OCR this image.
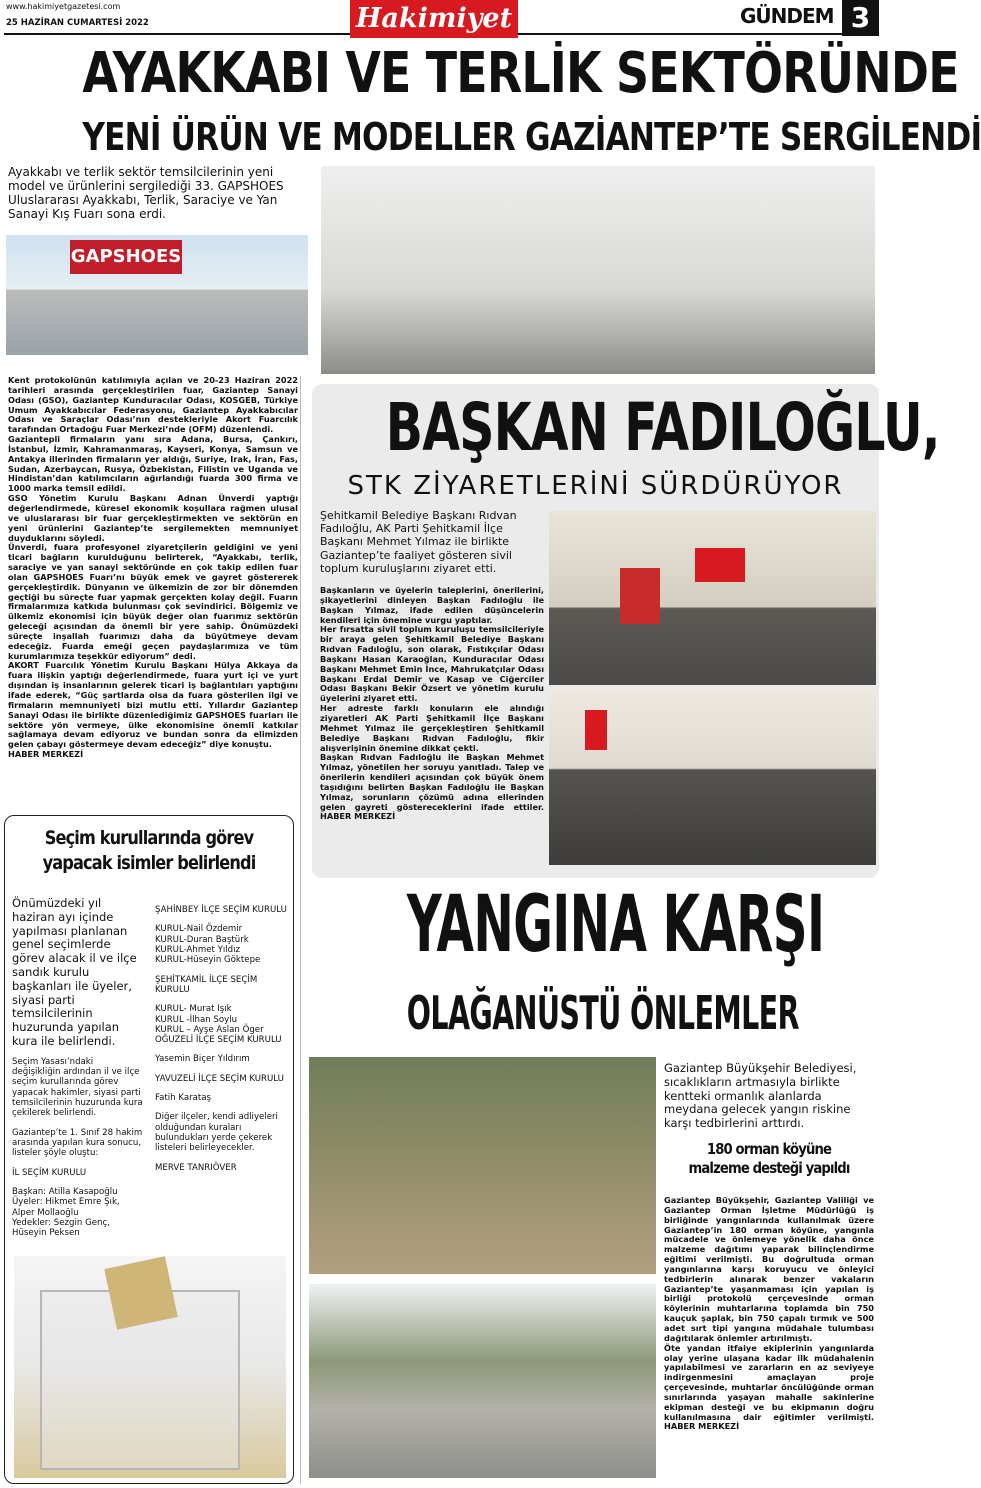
www.hakimiyetgazetesi.com
25 HAZİRAN CUMARTESİ 2022	Hakimiyet	GÜNDEM 3
AYAKKABI VE TERLİK SEKTÖRÜNDE
YENİ ÜRÜN VE MODELLER GAZİANTEP’TE SERGİLENDİ
Ayakkabı ve terlik sektör temsilcilerinin yeni model ve ürünlerini sergilediği 33. GAPSHOES Uluslararası Ayakkabı, Terlik, Saraciye ve Yan Sanayi Kış Fuarı sona erdi.
GAPSHOES

Kent protokolünün katılımıyla açılan ve 20-23 Haziran 2022 tarihleri arasında gerçekleştirilen fuar, Gaziantep Sanayi Odası (GSO), Gaziantep Kunduracılar Odası, KOSGEB, Türkiye Umum Ayakkabıcılar Federasyonu, Gaziantep Ayakkabıcılar Odası ve Saraçlar Odası’nın destekleriyle Akort Fuarcılık tarafından Ortadoğu Fuar Merkezi’nde (OFM) düzenlendi.

Gaziantepli firmaların yanı sıra Adana, Bursa, Çankırı, İstanbul, İzmir, Kahramanmaraş, Kayseri, Konya, Samsun ve Antakya illerinden firmaların yer aldığı, Suriye, Irak, İran, Fas, Sudan, Azerbaycan, Rusya, Özbekistan, Filistin ve Uganda ve Hindistan’dan katılımcıların ağırlandığı fuarda 300 firma ve 1000 marka temsil edildi.

GSO Yönetim Kurulu Başkanı Adnan Ünverdi yaptığı değerlendirmede, küresel ekonomik koşullara rağmen ulusal ve uluslararası bir fuar gerçekleştirmekten ve sektörün en yeni ürünlerini Gaziantep’te sergilemekten memnuniyet duyduklarını söyledi.

Ünverdi, fuara profesyonel ziyaretçilerin geldiğini ve yeni ticari bağların kurulduğunu belirterek, “Ayakkabı, terlik, saraciye ve yan sanayi sektöründe en çok takip edilen fuar olan GAPSHOES Fuarı’nı büyük emek ve gayret göstererek gerçekleştirdik. Dünyanın ve ülkemizin de zor bir dönemden geçtiği bu süreçte fuar yapmak gerçekten kolay değil. Fuarın firmalarımıza katkıda bulunması çok sevindirici. Bölgemiz ve ülkemiz ekonomisi için büyük değer olan fuarımız sektörün geleceği açısından da önemli bir yere sahip. Önümüzdeki süreçte inşallah fuarımızı daha da büyütmeye devam edeceğiz. Fuarda emeği geçen paydaşlarımıza ve tüm kurumlarımıza teşekkür ediyorum” dedi.

AKORT Fuarcılık Yönetim Kurulu Başkanı Hülya Akkaya da fuara ilişkin yaptığı değerlendirmede, fuara yurt içi ve yurt dışından iş insanlarının gelerek ticari iş bağlantıları yaptığını ifade ederek, “Güç şartlarda olsa da fuara gösterilen ilgi ve firmaların memnuniyeti bizi mutlu etti. Yıllardır Gaziantep Sanayi Odası ile birlikte düzenlediğimiz GAPSHOES fuarları ile sektöre yön vermeye, ülke ekonomisine önemli katkılar sağlamaya devam ediyoruz ve bundan sonra da elimizden gelen çabayı göstermeye devam edeceğiz” diye konuştu.

HABER MERKEZİ

BAŞKAN FADILOĞLU,
STK ZİYARETLERİNİ SÜRDÜRÜYOR
Şehitkamil Belediye Başkanı Rıdvan Fadıloğlu, AK Parti Şehitkamil İlçe Başkanı Mehmet Yılmaz ile birlikte Gaziantep’te faaliyet gösteren sivil toplum kuruluşlarını ziyaret etti.

Başkanların ve üyelerin taleplerini, önerilerini, şikayetlerini dinleyen Başkan Fadıloğlu ile Başkan Yılmaz, ifade edilen düşüncelerin kendileri için önemine vurgu yaptılar.

Her fırsatta sivil toplum kuruluşu temsilcileriyle bir araya gelen Şehitkamil Belediye Başkanı Rıdvan Fadıloğlu, son olarak, Fıstıkçılar Odası Başkanı Hasan Karaoğlan, Kunduracılar Odası Başkanı Mehmet Emin İnce, Mahrukatçılar Odası Başkanı Erdal Demir ve Kasap ve Ciğerciler Odası Başkanı Bekir Özsert ve yönetim kurulu üyelerini ziyaret etti.

Her adreste farklı konuların ele alındığı ziyaretleri AK Parti Şehitkamil İlçe Başkanı Mehmet Yılmaz ile gerçekleştiren Şehitkamil Belediye Başkanı Rıdvan Fadıloğlu, fikir alışverişinin önemine dikkat çekti.

Başkan Rıdvan Fadıloğlu ile Başkan Mehmet Yılmaz, yönetilen her soruyu yanıtladı. Talep ve önerilerin kendileri açısından çok büyük önem taşıdığını belirten Başkan Fadıloğlu ile Başkan Yılmaz, sorunların çözümü adına ellerinden gelen gayreti göstereceklerini ifade ettiler. HABER MERKEZİ

Seçim kurullarında görev yapacak isimler belirlendi
Önümüzdeki yıl haziran ayı içinde yapılması planlanan genel seçimlerde görev alacak il ve ilçe sandık kurulu başkanları ile üyeler, siyasi parti temsilcilerinin huzurunda yapılan kura ile belirlendi.
Seçim Yasası’ndaki değişikliğin ardından il ve ilçe seçim kurullarında görev yapacak hakimler, siyasi parti temsilcilerinin huzurunda kura çekilerek belirlendi.
Gaziantep’te 1. Sınıf 28 hakim arasında yapılan kura sonucu, listeler şöyle oluştu:
İL SEÇİM KURULU
Başkan: Atilla Kasapoğlu
Üyeler: Hikmet Emre Şık, Alper Mollaoğlu
Yedekler: Sezgin Genç, Hüseyin Peksen
ŞAHİNBEY İLÇE SEÇİM KURULU
KURUL-Nail Özdemir
KURUL-Duran Baştürk
KURUL-Ahmet Yıldız
KURUL-Hüseyin Göktepe
ŞEHİTKAMİL İLÇE SEÇİM KURULU
KURUL- Murat Işık
KURUL -İlhan Soylu
KURUL – Ayşe Aslan Öger
OĞUZELİ İLÇE SEÇİM KURULU
Yasemin Biçer Yıldırım
YAVUZELİ İLÇE SEÇİM KURULU
Fatih Karataş
Diğer ilçeler, kendi adliyeleri olduğundan kuraları bulundukları yerde çekerek listeleri belirleyecekler.
MERVE TANRIÖVER
YANGINA KARŞI
OLAĞANÜSTÜ ÖNLEMLER
Gaziantep Büyükşehir Belediyesi, sıcaklıkların artmasıyla birlikte kentteki ormanlık alanlarda meydana gelecek yangın riskine karşı tedbirlerini arttırdı.
180 orman köyüne malzeme desteği yapıldı

Gaziantep Büyükşehir, Gaziantep Valiliği ve Gaziantep Orman İşletme Müdürlüğü iş birliğinde yangınlarında kullanılmak üzere Gaziantep’in 180 orman köyüne, yangınla mücadele ve önlemeye yönelik daha önce malzeme dağıtımı yaparak bilinçlendirme eğitimi verilmişti. Bu doğrultuda orman yangınlarına karşı koruyucu ve önleyici tedbirlerin alınarak benzer vakaların Gaziantep’te yaşanmaması için yapılan iş birliği protokolü çerçevesinde orman köylerinin muhtarlarına toplamda bin 750 kauçuk şaplak, bin 750 çapalı tırmık ve 500 adet sırt tipi yangına müdahale tulumbası dağıtılarak önlemler artırılmıştı.

Öte yandan itfaiye ekiplerinin yangınlarda olay yerine ulaşana kadar ilk müdahalenin yapılabilmesi ve zararların en az seviyeye indirgenmesini amaçlayan proje çerçevesinde, muhtarlar öncülüğünde orman sınırlarında yaşayan mahalle sakinlerine ekipman desteği ve bu ekipmanın doğru kullanılmasına dair eğitimler verilmişti. HABER MERKEZİ
